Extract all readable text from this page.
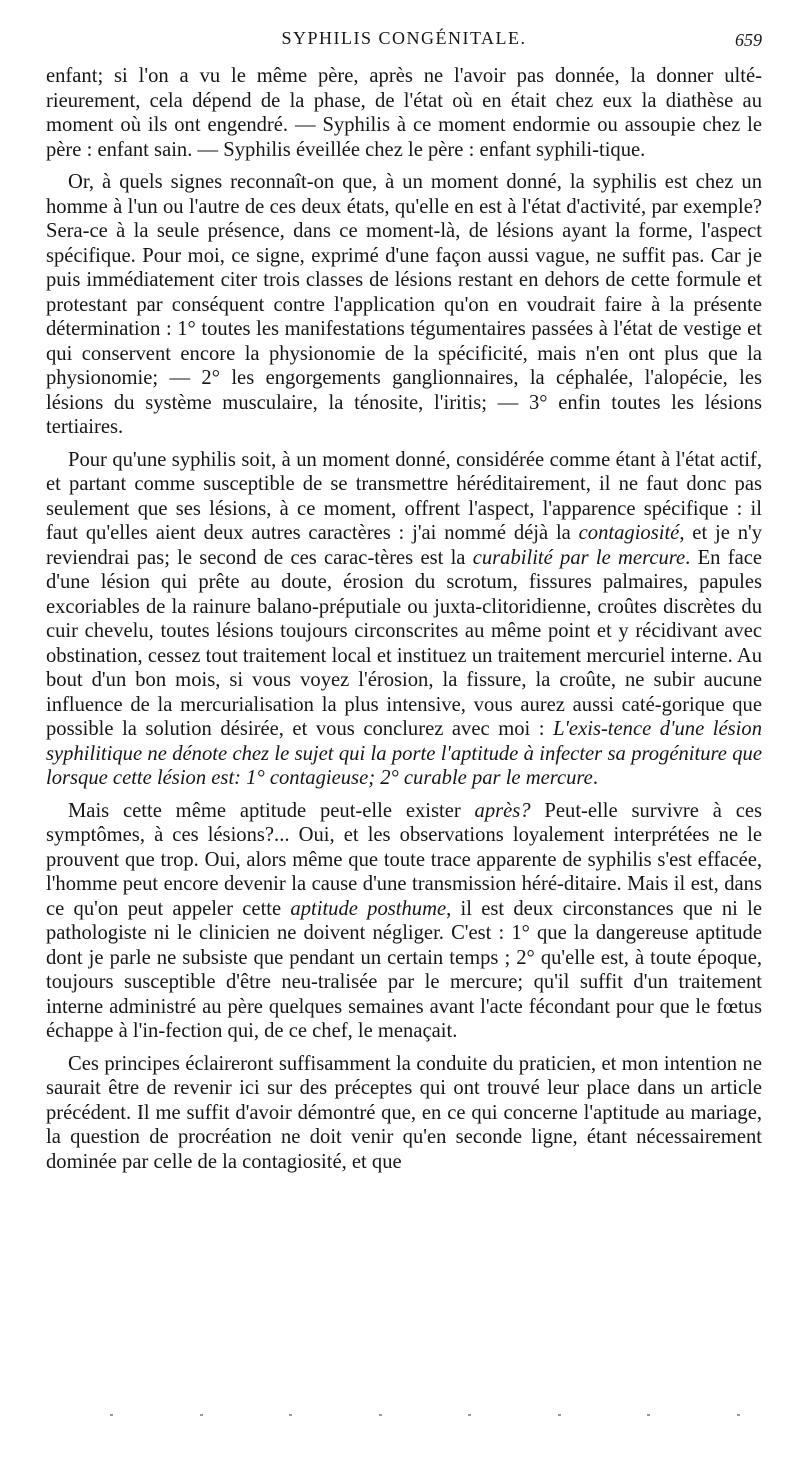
SYPHILIS CONGÉNITALE.	659

enfant; si l'on a vu le même père, après ne l'avoir pas donnée, la donner ulté-rieurement, cela dépend de la phase, de l'état où en était chez eux la diathèse au moment où ils ont engendré. — Syphilis à ce moment endormie ou assoupie chez le père : enfant sain. — Syphilis éveillée chez le père : enfant syphili-tique.

Or, à quels signes reconnaît-on que, à un moment donné, la syphilis est chez un homme à l'un ou l'autre de ces deux états, qu'elle en est à l'état d'activité, par exemple? Sera-ce à la seule présence, dans ce moment-là, de lésions ayant la forme, l'aspect spécifique. Pour moi, ce signe, exprimé d'une façon aussi vague, ne suffit pas. Car je puis immédiatement citer trois classes de lésions restant en dehors de cette formule et protestant par conséquent contre l'application qu'on en voudrait faire à la présente détermination : 1° toutes les manifestations tégumentaires passées à l'état de vestige et qui conservent encore la physionomie de la spécificité, mais n'en ont plus que la physionomie; — 2° les engorgements ganglionnaires, la céphalée, l'alopécie, les lésions du système musculaire, la ténosite, l'iritis; — 3° enfin toutes les lésions tertiaires.

Pour qu'une syphilis soit, à un moment donné, considérée comme étant à l'état actif, et partant comme susceptible de se transmettre héréditairement, il ne faut donc pas seulement que ses lésions, à ce moment, offrent l'aspect, l'apparence spécifique : il faut qu'elles aient deux autres caractères : j'ai nommé déjà la contagiosité, et je n'y reviendrai pas; le second de ces carac-tères est la curabilité par le mercure. En face d'une lésion qui prête au doute, érosion du scrotum, fissures palmaires, papules excoriables de la rainure balano-préputiale ou juxta-clitoridienne, croûtes discrètes du cuir chevelu, toutes lésions toujours circonscrites au même point et y récidivant avec obstination, cessez tout traitement local et instituez un traitement mercuriel interne. Au bout d'un bon mois, si vous voyez l'érosion, la fissure, la croûte, ne subir aucune influence de la mercurialisation la plus intensive, vous aurez aussi caté-gorique que possible la solution désirée, et vous conclurez avec moi : L'exis-tence d'une lésion syphilitique ne dénote chez le sujet qui la porte l'aptitude à infecter sa progéniture que lorsque cette lésion est: 1° contagieuse; 2° curable par le mercure.

Mais cette même aptitude peut-elle exister après? Peut-elle survivre à ces symptômes, à ces lésions?... Oui, et les observations loyalement interprétées ne le prouvent que trop. Oui, alors même que toute trace apparente de syphilis s'est effacée, l'homme peut encore devenir la cause d'une transmission héré-ditaire. Mais il est, dans ce qu'on peut appeler cette aptitude posthume, il est deux circonstances que ni le pathologiste ni le clinicien ne doivent négliger. C'est : 1° que la dangereuse aptitude dont je parle ne subsiste que pendant un certain temps ; 2° qu'elle est, à toute époque, toujours susceptible d'être neu-tralisée par le mercure; qu'il suffit d'un traitement interne administré au père quelques semaines avant l'acte fécondant pour que le fœtus échappe à l'in-fection qui, de ce chef, le menaçait.

Ces principes éclaireront suffisamment la conduite du praticien, et mon intention ne saurait être de revenir ici sur des préceptes qui ont trouvé leur place dans un article précédent. Il me suffit d'avoir démontré que, en ce qui concerne l'aptitude au mariage, la question de procréation ne doit venir qu'en seconde ligne, étant nécessairement dominée par celle de la contagiosité, et que
